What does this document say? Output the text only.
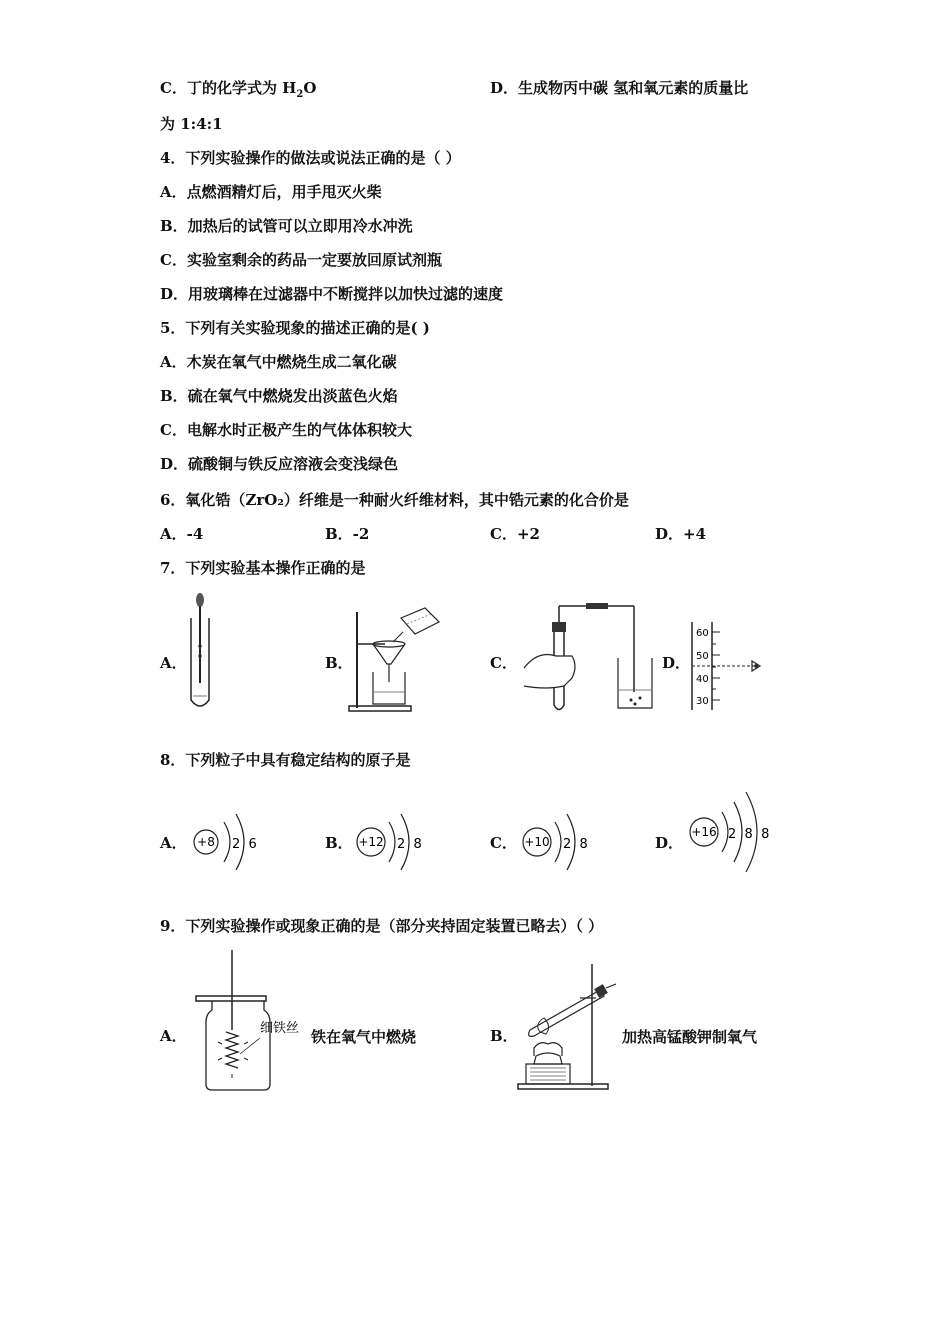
C．丁的化学式为 $H_2O$	D．生成物丙中碳 氢和氧元素的质量比
为 1:4:1
4．下列实验操作的做法或说法正确的是（ ）
A．点燃酒精灯后，用手甩灭火柴
B．加热后的试管可以立即用冷水冲洗
C．实验室剩余的药品一定要放回原试剂瓶
D．用玻璃棒在过滤器中不断搅拌以加快过滤的速度
5．下列有关实验现象的描述正确的是( )
A．木炭在氧气中燃烧生成二氧化碳
B．硫在氧气中燃烧发出淡蓝色火焰
C．电解水时正极产生的气体体积较大
D．硫酸铜与铁反应溶液会变浅绿色
6．氧化锆（ZrO₂）纤维是一种耐火纤维材料，其中锆元素的化合价是
A．-4	B．-2	C．+2	D．+4
7．下列实验基本操作正确的是
A．	B．	C．	D．
60
50
40
30
8．下列粒子中具有稳定结构的原子是
A．	B．	C．	D．
+8 2  6	+12 2  8	+10 2  8
+16 2  8  8
9．下列实验操作或现象正确的是（部分夹持固定装置已略去）（ ）
A．	B．
细铁丝 铁在氧气中燃烧	加热高锰酸钾制氧气
